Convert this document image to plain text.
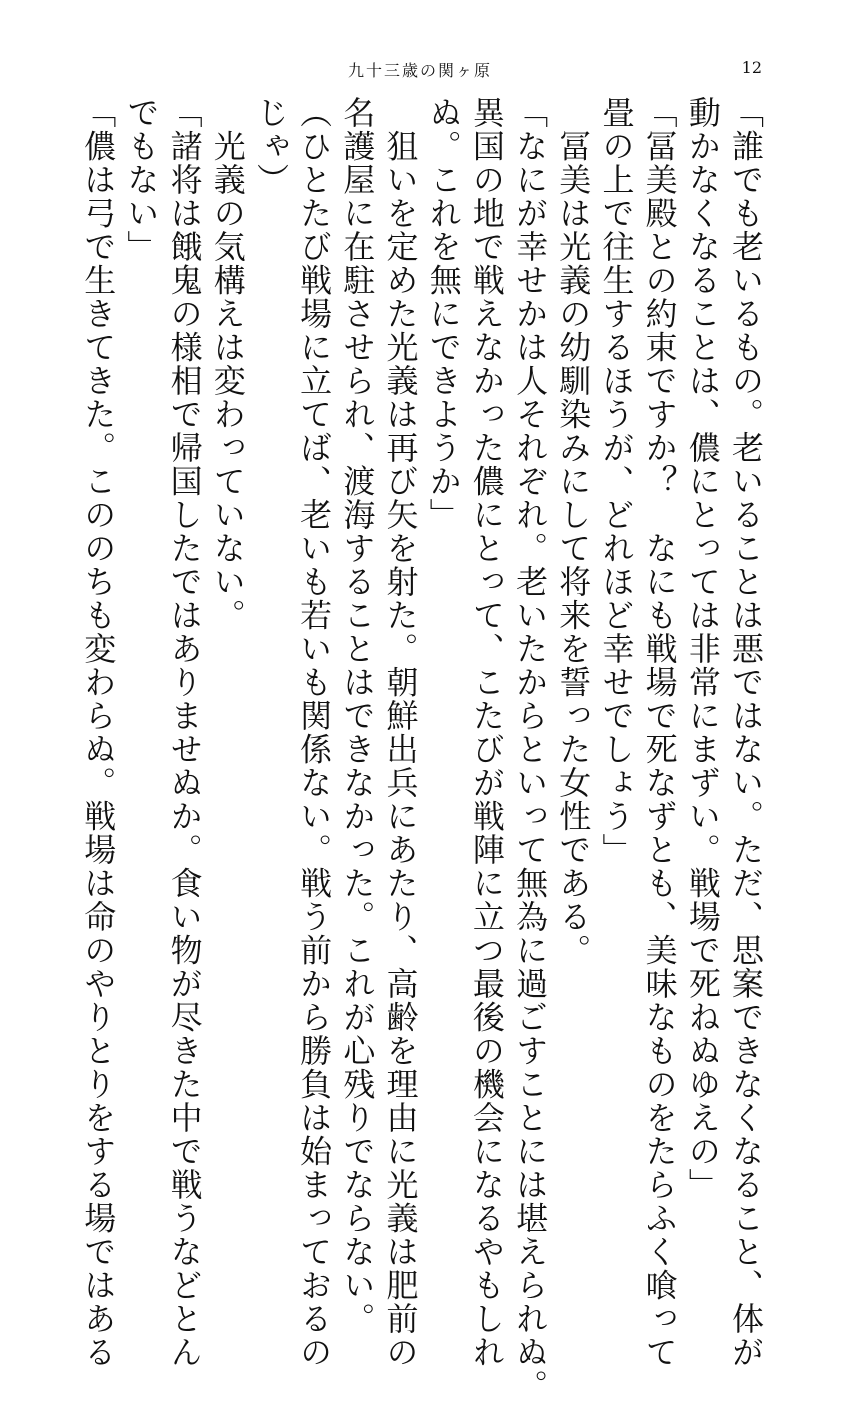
九十三歳の関ヶ原	12
「誰でも老いるもの。老いることは悪ではない。ただ、思案できなくなること、体が
動かなくなることは、儂にとっては非常にまずい。戦場で死ねぬゆえの」
「冨美殿との約束ですか？　なにも戦場で死なずとも、美味なものをたらふく喰って
畳の上で往生するほうが、どれほど幸せでしょう」
　冨美は光義の幼馴染みにして将来を誓った女性である。
「なにが幸せかは人それぞれ。老いたからといって無為に過ごすことには堪えられぬ。
異国の地で戦えなかった儂にとって、こたびが戦陣に立つ最後の機会になるやもしれ
ぬ。これを無にできようか」
　狙いを定めた光義は再び矢を射た。朝鮮出兵にあたり、高齢を理由に光義は肥前の
名護屋に在駐させられ、渡海することはできなかった。これが心残りでならない。
（ひとたび戦場に立てば、老いも若いも関係ない。戦う前から勝負は始まっておるの
じゃ）
　光義の気構えは変わっていない。
「諸将は餓鬼の様相で帰国したではありませぬか。食い物が尽きた中で戦うなどとん
でもない」
「儂は弓で生きてきた。こののちも変わらぬ。戦場は命のやりとりをする場ではある
